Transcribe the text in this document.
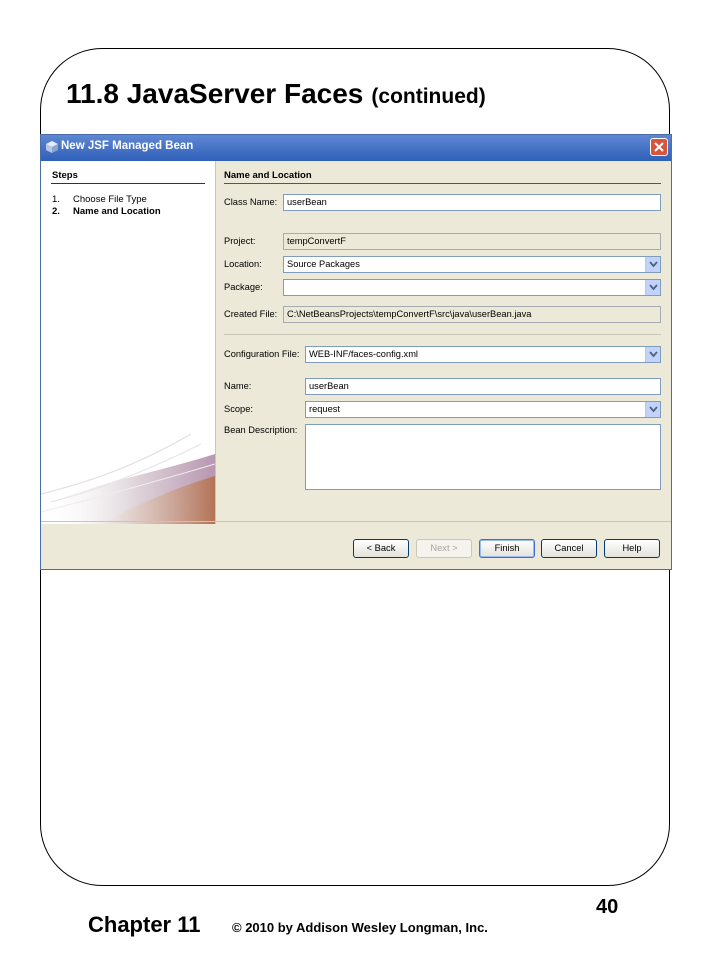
11.8 JavaServer Faces (continued)
New JSF Managed Bean
Steps
1. Choose File Type
2. Name and Location
Name and Location
Class Name:	userBean
Project:	tempConvertF
Location:	Source Packages
Package:
Created File:	C:\NetBeansProjects\tempConvertF\src\java\userBean.java
Configuration File:	WEB-INF/faces-config.xml
Name:	userBean
Scope:	request
Bean Description:
< Back	Next >	Finish	Cancel	Help
Chapter 11 © 2010 by Addison Wesley Longman, Inc.
40
